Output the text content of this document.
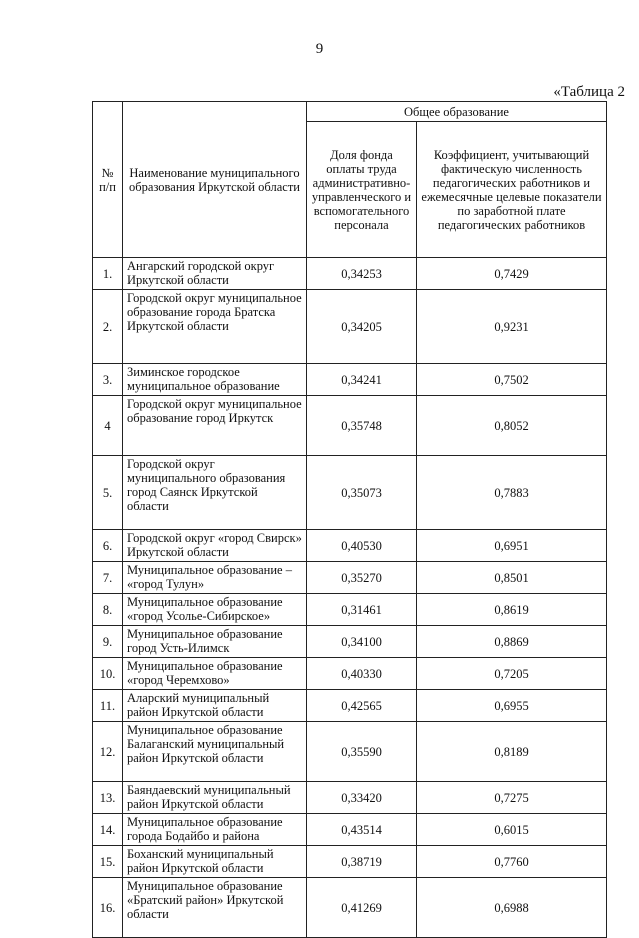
9
«Таблица 2
№ п/п	Наименование муниципального образования Иркутской области	Общее образование	
		Доля фонда оплаты труда административно-управленческого и вспомогательного персонала	Коэффициент, учитывающий фактическую численность педагогических работников и ежемесячные целевые показатели по заработной плате педагогических работников
1.	Ангарский городской округ Иркутской области	0,34253	0,7429
2.	Городской округ муниципальное образование города Братска Иркутской области	0,34205	0,9231
3.	Зиминское городское муниципальное образование	0,34241	0,7502
4	Городской округ муниципальное образование город Иркутск	0,35748	0,8052
5.	Городской округ муниципального образования город Саянск Иркутской области	0,35073	0,7883
6.	Городской округ «город Свирск» Иркутской области	0,40530	0,6951
7.	Муниципальное образование – «город Тулун»	0,35270	0,8501
8.	Муниципальное образование «город Усолье-Сибирское»	0,31461	0,8619
9.	Муниципальное образование город Усть-Илимск	0,34100	0,8869
10.	Муниципальное образование «город Черемхово»	0,40330	0,7205
11.	Аларский муниципальный район Иркутской области	0,42565	0,6955
12.	Муниципальное образование Балаганский муниципальный район Иркутской области	0,35590	0,8189
13.	Баяндаевский муниципальный район Иркутской области	0,33420	0,7275
14.	Муниципальное образование города Бодайбо и района	0,43514	0,6015
15.	Боханский муниципальный район Иркутской области	0,38719	0,7760
16.	Муниципальное образование «Братский район» Иркутской области	0,41269	0,6988
